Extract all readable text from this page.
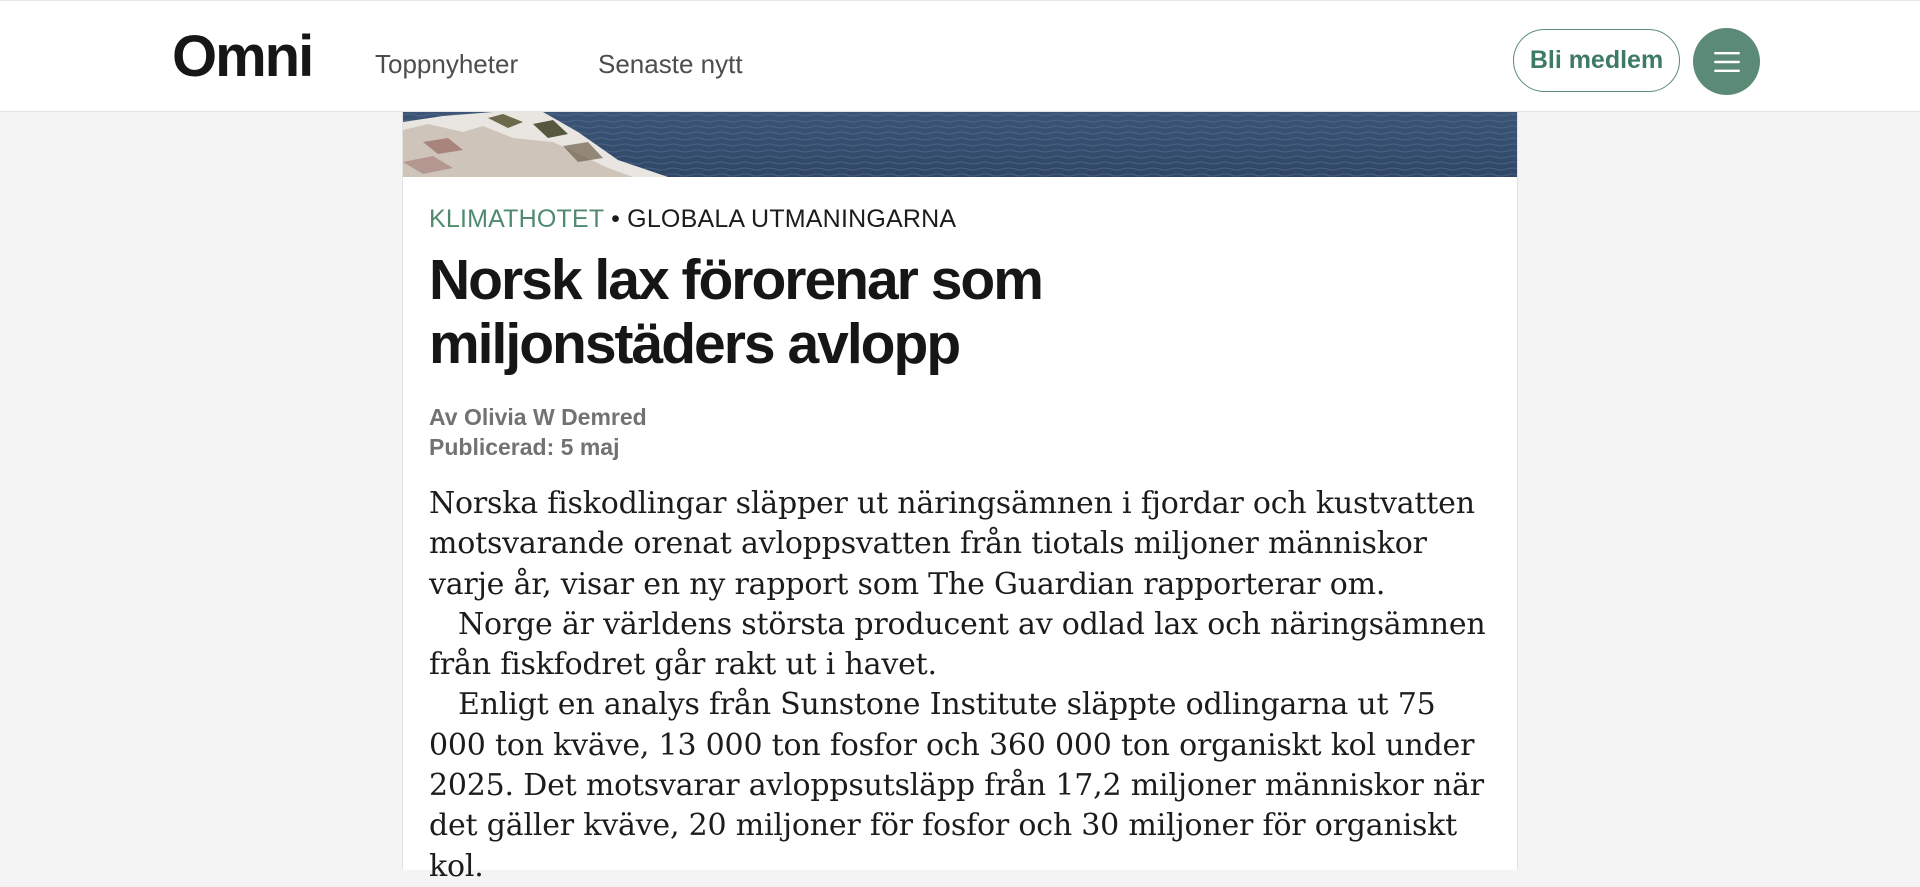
Omni Toppnyheter	Senaste nytt	Bli medlem
KLIMATHOTET • GLOBALA UTMANINGARNA
Norsk lax förorenar som miljonstäders avlopp
Av Olivia W Demred
Publicerad: 5 maj

Norska fiskodlingar släpper ut näringsämnen i fjordar och kustvatten motsvarande orenat avloppsvatten från tiotals miljoner människor varje år, visar en ny rapport som The Guardian rapporterar om.

Norge är världens största producent av odlad lax och näringsämnen från fiskfodret går rakt ut i havet.

Enligt en analys från Sunstone Institute släppte odlingarna ut 75 000 ton kväve, 13 000 ton fosfor och 360 000 ton organiskt kol under 2025. Det motsvarar avloppsutsläpp från 17,2 miljoner människor när det gäller kväve, 20 miljoner för fosfor och 30 miljoner för organiskt kol.
